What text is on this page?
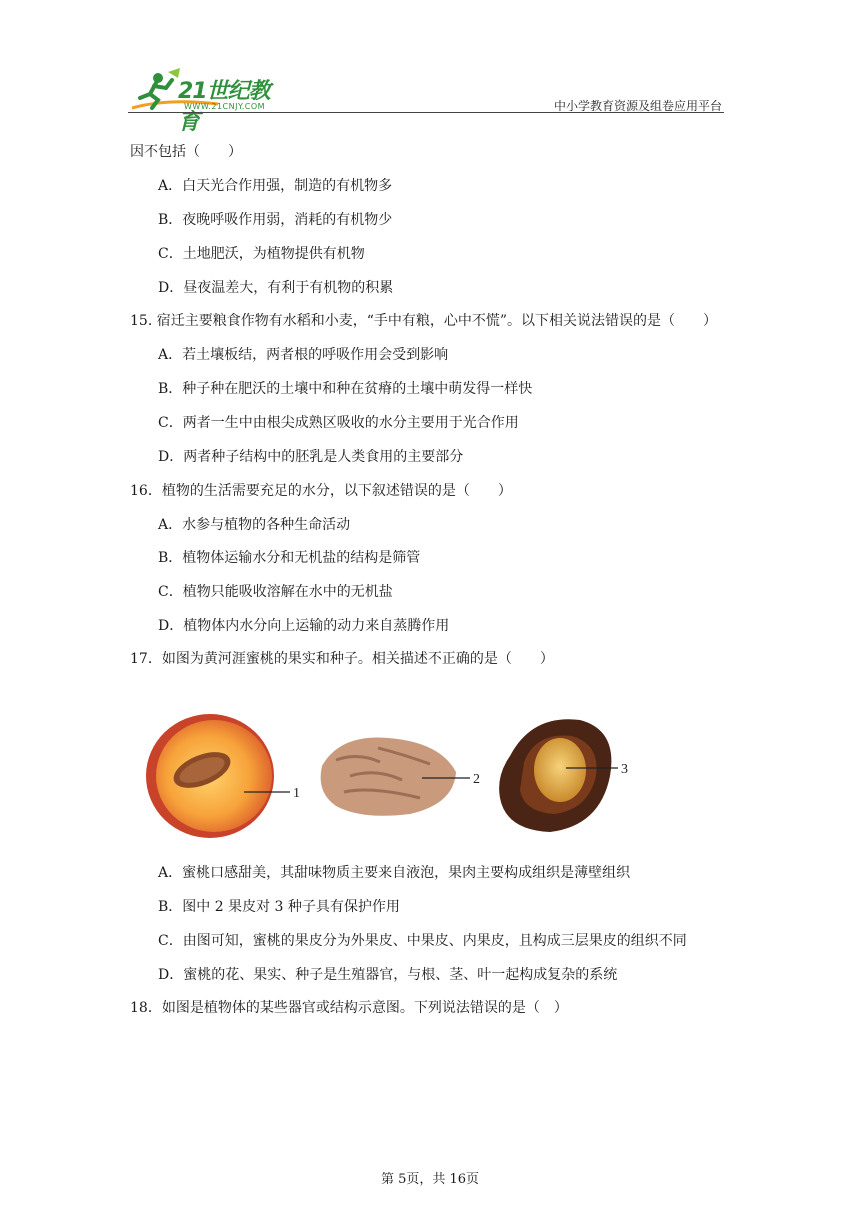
21世纪教育
WWW.21CNJY.COM	中小学教育资源及组卷应用平台
因不包括（　　）
A．白天光合作用强，制造的有机物多
B．夜晚呼吸作用弱，消耗的有机物少
C．土地肥沃，为植物提供有机物
D．昼夜温差大，有利于有机物的积累
15. 宿迁主要粮食作物有水稻和小麦，“手中有粮，心中不慌”。以下相关说法错误的是（　　）
A．若土壤板结，两者根的呼吸作用会受到影响
B．种子种在肥沃的土壤中和种在贫瘠的土壤中萌发得一样快
C．两者一生中由根尖成熟区吸收的水分主要用于光合作用
D．两者种子结构中的胚乳是人类食用的主要部分
16．植物的生活需要充足的水分，以下叙述错误的是（　　）
A．水参与植物的各种生命活动
B．植物体运输水分和无机盐的结构是筛管
C．植物只能吸收溶解在水中的无机盐
D．植物体内水分向上运输的动力来自蒸腾作用
17．如图为黄河涯蜜桃的果实和种子。相关描述不正确的是（　　）
1
2
3
A．蜜桃口感甜美，其甜味物质主要来自液泡，果肉主要构成组织是薄壁组织
B．图中 2 果皮对 3 种子具有保护作用
C．由图可知，蜜桃的果皮分为外果皮、中果皮、内果皮，且构成三层果皮的组织不同
D．蜜桃的花、果实、种子是生殖器官，与根、茎、叶一起构成复杂的系统
18．如图是植物体的某些器官或结构示意图。下列说法错误的是（　）
第 5页，共 16页
